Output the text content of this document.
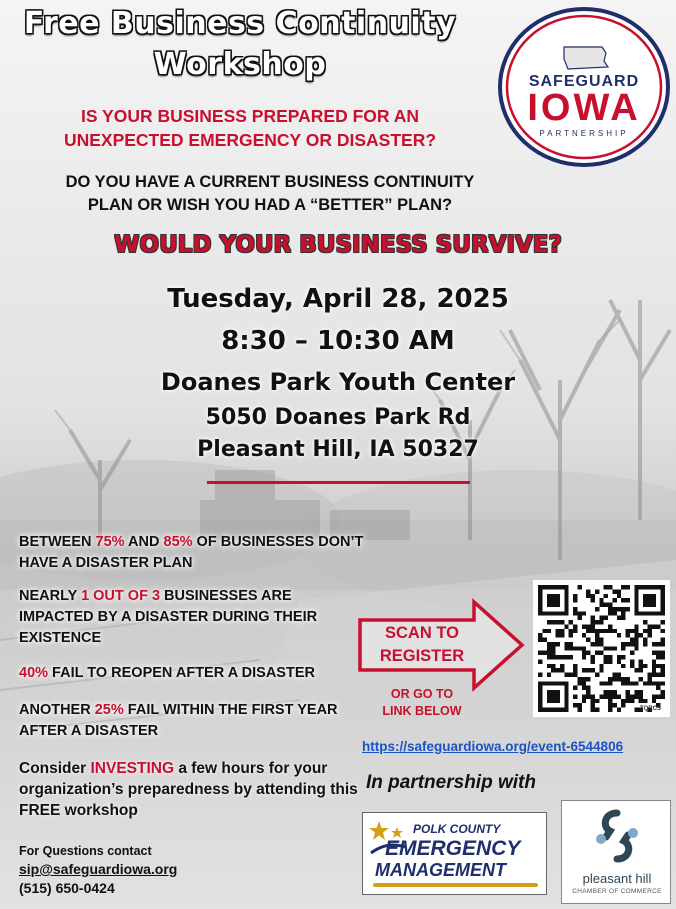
Free Business Continuity
Workshop	SAFEGUARD
IOWA
PARTNERSHIP
IS YOUR BUSINESS PREPARED FOR AN
UNEXPECTED EMERGENCY OR DISASTER?
DO YOU HAVE A CURRENT BUSINESS CONTINUITY
PLAN OR WISH YOU HAD A “BETTER” PLAN?
WOULD YOUR BUSINESS SURVIVE?
Tuesday, April 28, 2025
8:30 – 10:30 AM
Doanes Park Youth Center
5050 Doanes Park Rd
Pleasant Hill, IA 50327
BETWEEN 75% AND 85% OF BUSINESSES DON’T HAVE A DISASTER PLAN
NEARLY 1 OUT OF 3 BUSINESSES ARE IMPACTED BY A DISASTER DURING THEIR EXISTENCE
40% FAIL TO REOPEN AFTER A DISASTER
ANOTHER 25% FAIL WITHIN THE FIRST YEAR AFTER A DISASTER
Consider INVESTING a few hours for your organization’s preparedness by attending this FREE workshop
For Questions contact
sip@safeguardiowa.org
(515) 650-0424
SCAN TO
REGISTER
OR GO TO
LINK BELOW	TQRCS
https://safeguardiowa.org/event-6544806
In partnership with
POLK COUNTY
EMERGENCY
MANAGEMENT	pleasant hill
CHAMBER OF COMMERCE
